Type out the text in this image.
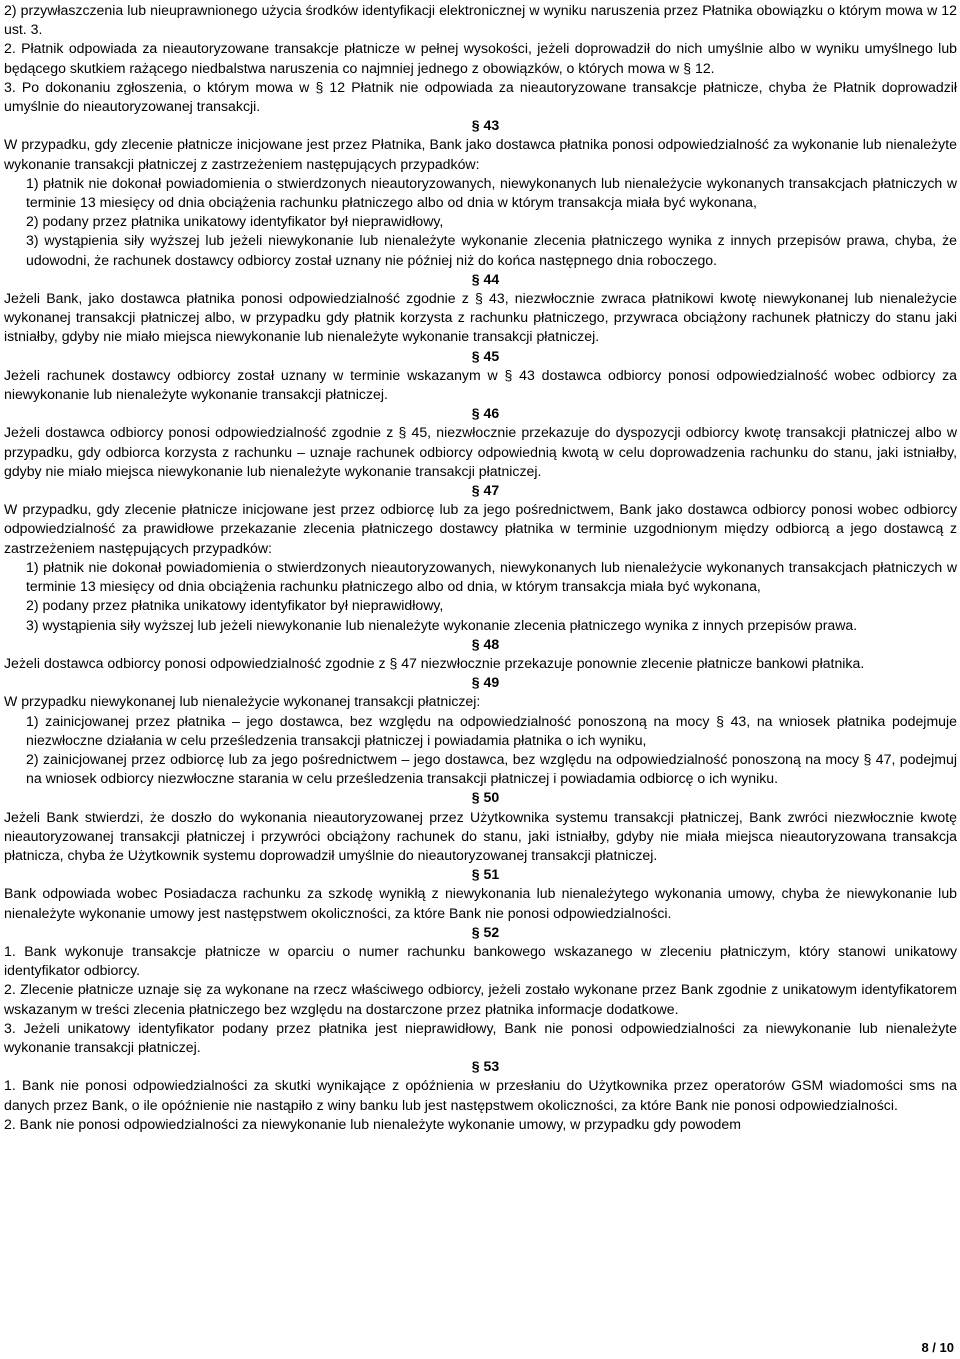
2) przywłaszczenia lub nieuprawnionego użycia środków identyfikacji elektronicznej w wyniku naruszenia przez Płatnika obowiązku o którym mowa w 12 ust. 3.

2. Płatnik odpowiada za nieautoryzowane transakcje płatnicze w pełnej wysokości, jeżeli doprowadził do nich umyślnie albo w wyniku umyślnego lub będącego skutkiem rażącego niedbalstwa naruszenia co najmniej jednego z obowiązków, o których mowa w § 12.

3. Po dokonaniu zgłoszenia, o którym mowa w § 12 Płatnik nie odpowiada za nieautoryzowane transakcje płatnicze, chyba że Płatnik doprowadził umyślnie do nieautoryzowanej transakcji.

§ 43

W przypadku, gdy zlecenie płatnicze inicjowane jest przez Płatnika, Bank jako dostawca płatnika ponosi odpowiedzialność za wykonanie lub nienależyte wykonanie transakcji płatniczej z zastrzeżeniem następujących przypadków:

1) płatnik nie dokonał powiadomienia o stwierdzonych nieautoryzowanych, niewykonanych lub nienależycie wykonanych transakcjach płatniczych w terminie 13 miesięcy od dnia obciążenia rachunku płatniczego albo od dnia w którym transakcja miała być wykonana,

2) podany przez płatnika unikatowy identyfikator był nieprawidłowy,

3) wystąpienia siły wyższej lub jeżeli niewykonanie lub nienależyte wykonanie zlecenia płatniczego wynika z innych przepisów prawa, chyba, że udowodni, że rachunek dostawcy odbiorcy został uznany nie później niż do końca następnego dnia roboczego.

§ 44

Jeżeli Bank, jako dostawca płatnika ponosi odpowiedzialność zgodnie z § 43, niezwłocznie zwraca płatnikowi kwotę niewykonanej lub nienależycie wykonanej transakcji płatniczej albo, w przypadku gdy płatnik korzysta z rachunku płatniczego, przywraca obciążony rachunek płatniczy do stanu jaki istniałby, gdyby nie miało miejsca niewykonanie lub nienależyte wykonanie transakcji płatniczej.

§ 45

Jeżeli rachunek dostawcy odbiorcy został uznany w terminie wskazanym w § 43 dostawca odbiorcy ponosi odpowiedzialność wobec odbiorcy za niewykonanie lub nienależyte wykonanie transakcji płatniczej.

§ 46

Jeżeli dostawca odbiorcy ponosi odpowiedzialność zgodnie z § 45, niezwłocznie przekazuje do dyspozycji odbiorcy kwotę transakcji płatniczej albo w przypadku, gdy odbiorca korzysta z rachunku – uznaje rachunek odbiorcy odpowiednią kwotą w celu doprowadzenia rachunku do stanu, jaki istniałby, gdyby nie miało miejsca niewykonanie lub nienależyte wykonanie transakcji płatniczej.

§ 47

W przypadku, gdy zlecenie płatnicze inicjowane jest przez odbiorcę lub za jego pośrednictwem, Bank jako dostawca odbiorcy ponosi wobec odbiorcy odpowiedzialność za prawidłowe przekazanie zlecenia płatniczego dostawcy płatnika w terminie uzgodnionym między odbiorcą a jego dostawcą z zastrzeżeniem następujących przypadków:

1) płatnik nie dokonał powiadomienia o stwierdzonych nieautoryzowanych, niewykonanych lub nienależycie wykonanych transakcjach płatniczych w terminie 13 miesięcy od dnia obciążenia rachunku płatniczego albo od dnia, w którym transakcja miała być wykonana,

2) podany przez płatnika unikatowy identyfikator był nieprawidłowy,

3) wystąpienia siły wyższej lub jeżeli niewykonanie lub nienależyte wykonanie zlecenia płatniczego wynika z innych przepisów prawa.

§ 48

Jeżeli dostawca odbiorcy ponosi odpowiedzialność zgodnie z § 47 niezwłocznie przekazuje ponownie zlecenie płatnicze bankowi płatnika.

§ 49

W przypadku niewykonanej lub nienależycie wykonanej transakcji płatniczej:

1) zainicjowanej przez płatnika – jego dostawca, bez względu na odpowiedzialność ponoszoną na mocy § 43, na wniosek płatnika podejmuje niezwłoczne działania w celu prześledzenia transakcji płatniczej i powiadamia płatnika o ich wyniku,

2) zainicjowanej przez odbiorcę lub za jego pośrednictwem – jego dostawca, bez względu na odpowiedzialność ponoszoną na mocy § 47, podejmuj na wniosek odbiorcy niezwłoczne starania w celu prześledzenia transakcji płatniczej i powiadamia odbiorcę o ich wyniku.

§ 50

Jeżeli Bank stwierdzi, że doszło do wykonania nieautoryzowanej przez Użytkownika systemu transakcji płatniczej, Bank zwróci niezwłocznie kwotę nieautoryzowanej transakcji płatniczej i przywróci obciążony rachunek do stanu, jaki istniałby, gdyby nie miała miejsca nieautoryzowana transakcja płatnicza, chyba że Użytkownik systemu doprowadził umyślnie do nieautoryzowanej transakcji płatniczej.

§ 51

Bank odpowiada wobec Posiadacza rachunku za szkodę wynikłą z niewykonania lub nienależytego wykonania umowy, chyba że niewykonanie lub nienależyte wykonanie umowy jest następstwem okoliczności, za które Bank nie ponosi odpowiedzialności.

§ 52

1. Bank wykonuje transakcje płatnicze w oparciu o numer rachunku bankowego wskazanego w zleceniu płatniczym, który stanowi unikatowy identyfikator odbiorcy.

2. Zlecenie płatnicze uznaje się za wykonane na rzecz właściwego odbiorcy, jeżeli zostało wykonane przez Bank zgodnie z unikatowym identyfikatorem wskazanym w treści zlecenia płatniczego bez względu na dostarczone przez płatnika informacje dodatkowe.

3. Jeżeli unikatowy identyfikator podany przez płatnika jest nieprawidłowy, Bank nie ponosi odpowiedzialności za niewykonanie lub nienależyte wykonanie transakcji płatniczej.

§ 53

1. Bank nie ponosi odpowiedzialności za skutki wynikające z opóźnienia w przesłaniu do Użytkownika przez operatorów GSM wiadomości sms na danych przez Bank, o ile opóźnienie nie nastąpiło z winy banku lub jest następstwem okoliczności, za które Bank nie ponosi odpowiedzialności.

2. Bank nie ponosi odpowiedzialności za niewykonanie lub nienależyte wykonanie umowy, w przypadku gdy powodem

8 / 10
